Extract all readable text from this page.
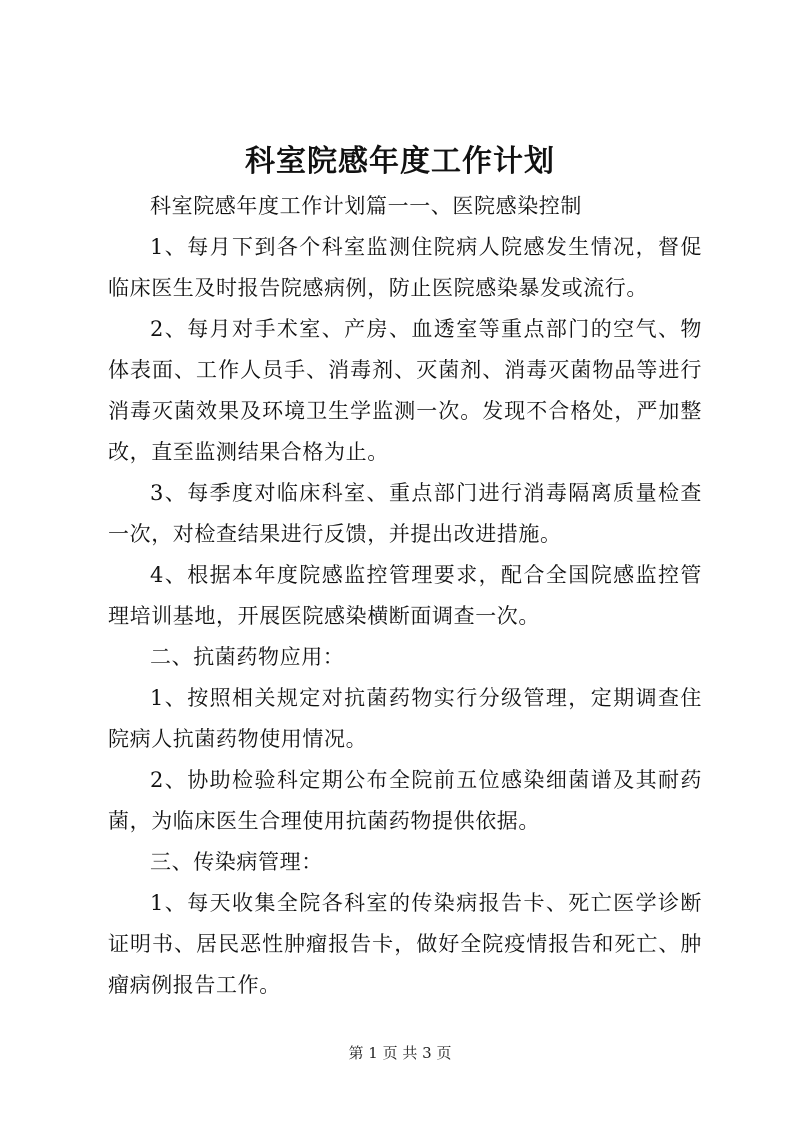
科室院感年度工作计划

科室院感年度工作计划篇一一、医院感染控制

1、每月下到各个科室监测住院病人院感发生情况，督促临床医生及时报告院感病例，防止医院感染暴发或流行。

2、每月对手术室、产房、血透室等重点部门的空气、物体表面、工作人员手、消毒剂、灭菌剂、消毒灭菌物品等进行消毒灭菌效果及环境卫生学监测一次。发现不合格处，严加整改，直至监测结果合格为止。

3、每季度对临床科室、重点部门进行消毒隔离质量检查一次，对检查结果进行反馈，并提出改进措施。

4、根据本年度院感监控管理要求，配合全国院感监控管理培训基地，开展医院感染横断面调查一次。

二、抗菌药物应用：

1、按照相关规定对抗菌药物实行分级管理，定期调查住院病人抗菌药物使用情况。

2、协助检验科定期公布全院前五位感染细菌谱及其耐药菌，为临床医生合理使用抗菌药物提供依据。

三、传染病管理：

1、每天收集全院各科室的传染病报告卡、死亡医学诊断证明书、居民恶性肿瘤报告卡，做好全院疫情报告和死亡、肿瘤病例报告工作。

第 1 页 共 3 页
